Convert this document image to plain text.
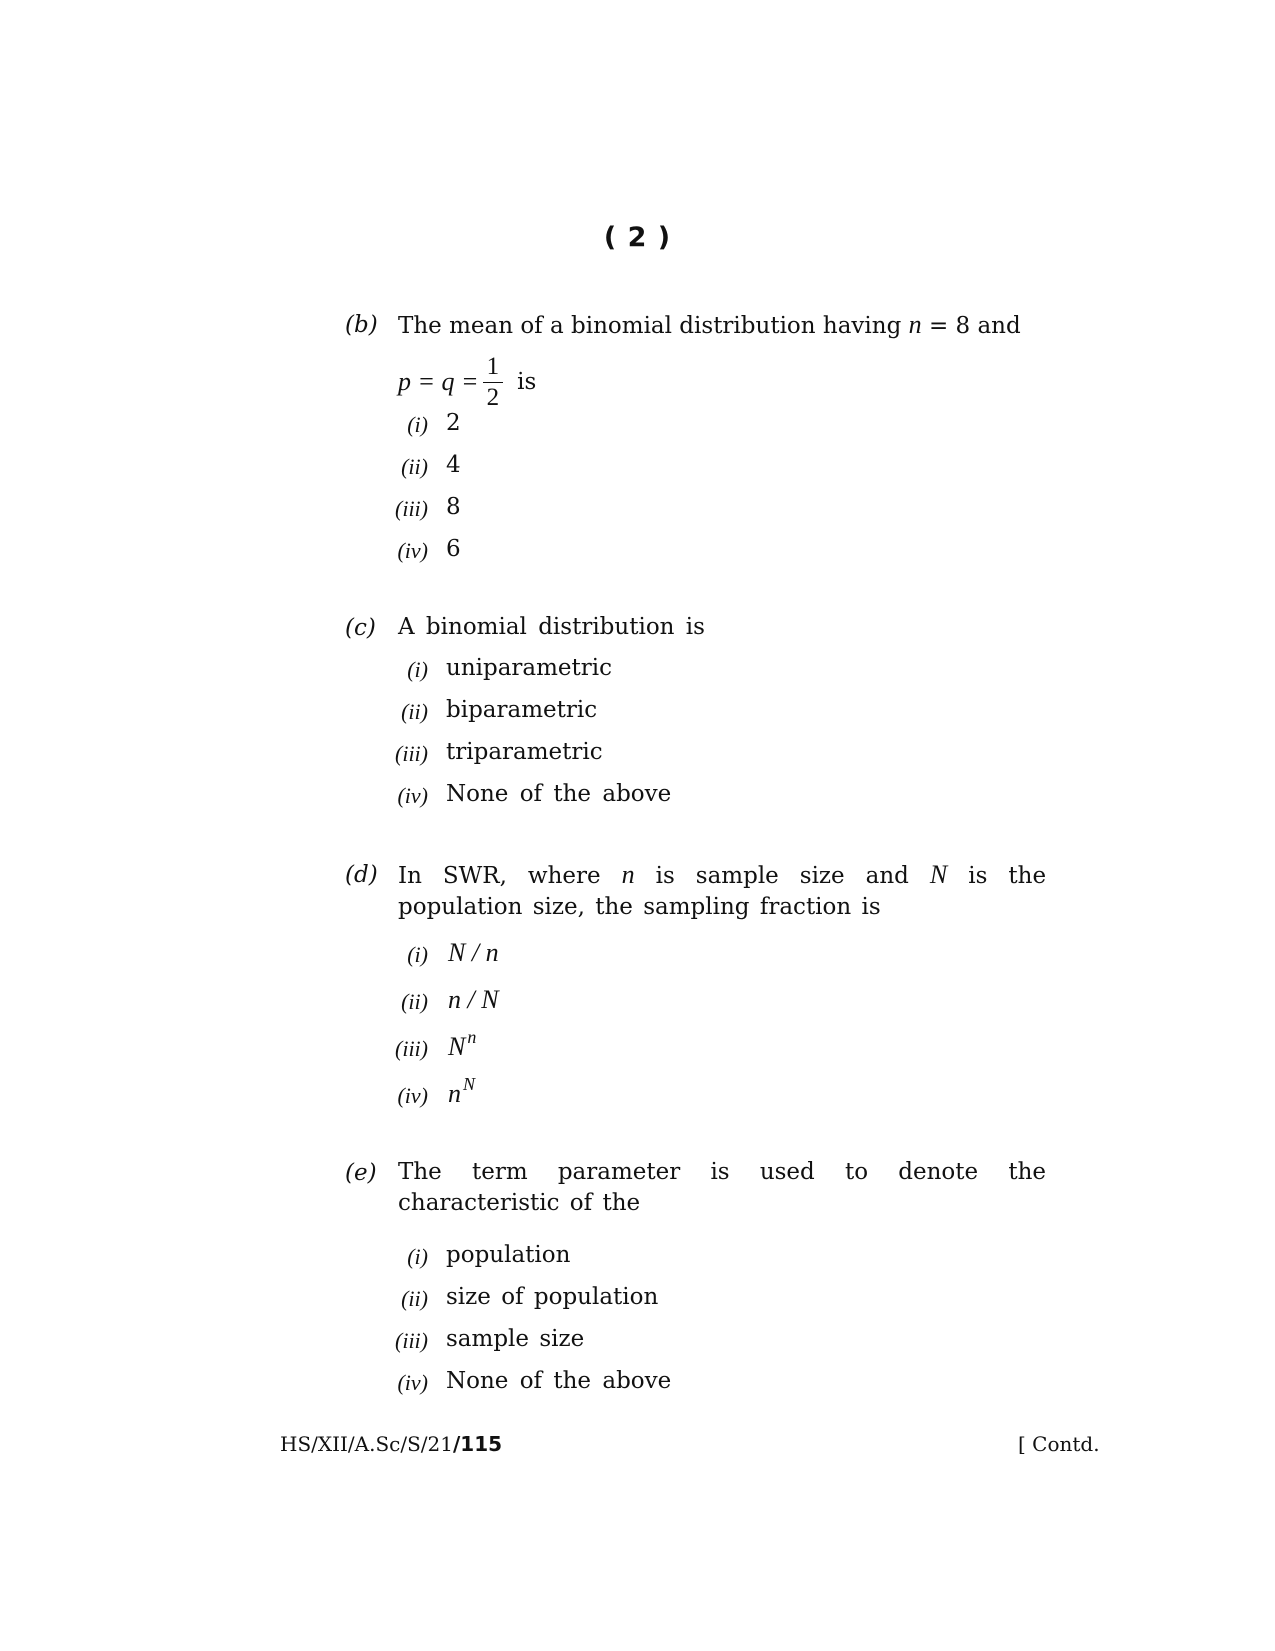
( 2 )
(b) The mean of a binomial distribution having n = 8 and
$p = q = \frac{1}{2}$ is
(i) 2
(ii) 4
(iii) 8
(iv) 6
(c) A binomial distribution is
(i) uniparametric
(ii) biparametric
(iii) triparametric
(iv) None of the above
(d) In SWR, where n is sample size and N is the
population size, the sampling fraction is
(i) N / n
(ii) n / N
(iii) N $^n$
(iv) n $^N$
(e) The term parameter is used to denote the
characteristic of the
(i) population
(ii) size of population
(iii) sample size
(iv) None of the above
HS/XII/A.Sc/S/21/115	[ Contd.
